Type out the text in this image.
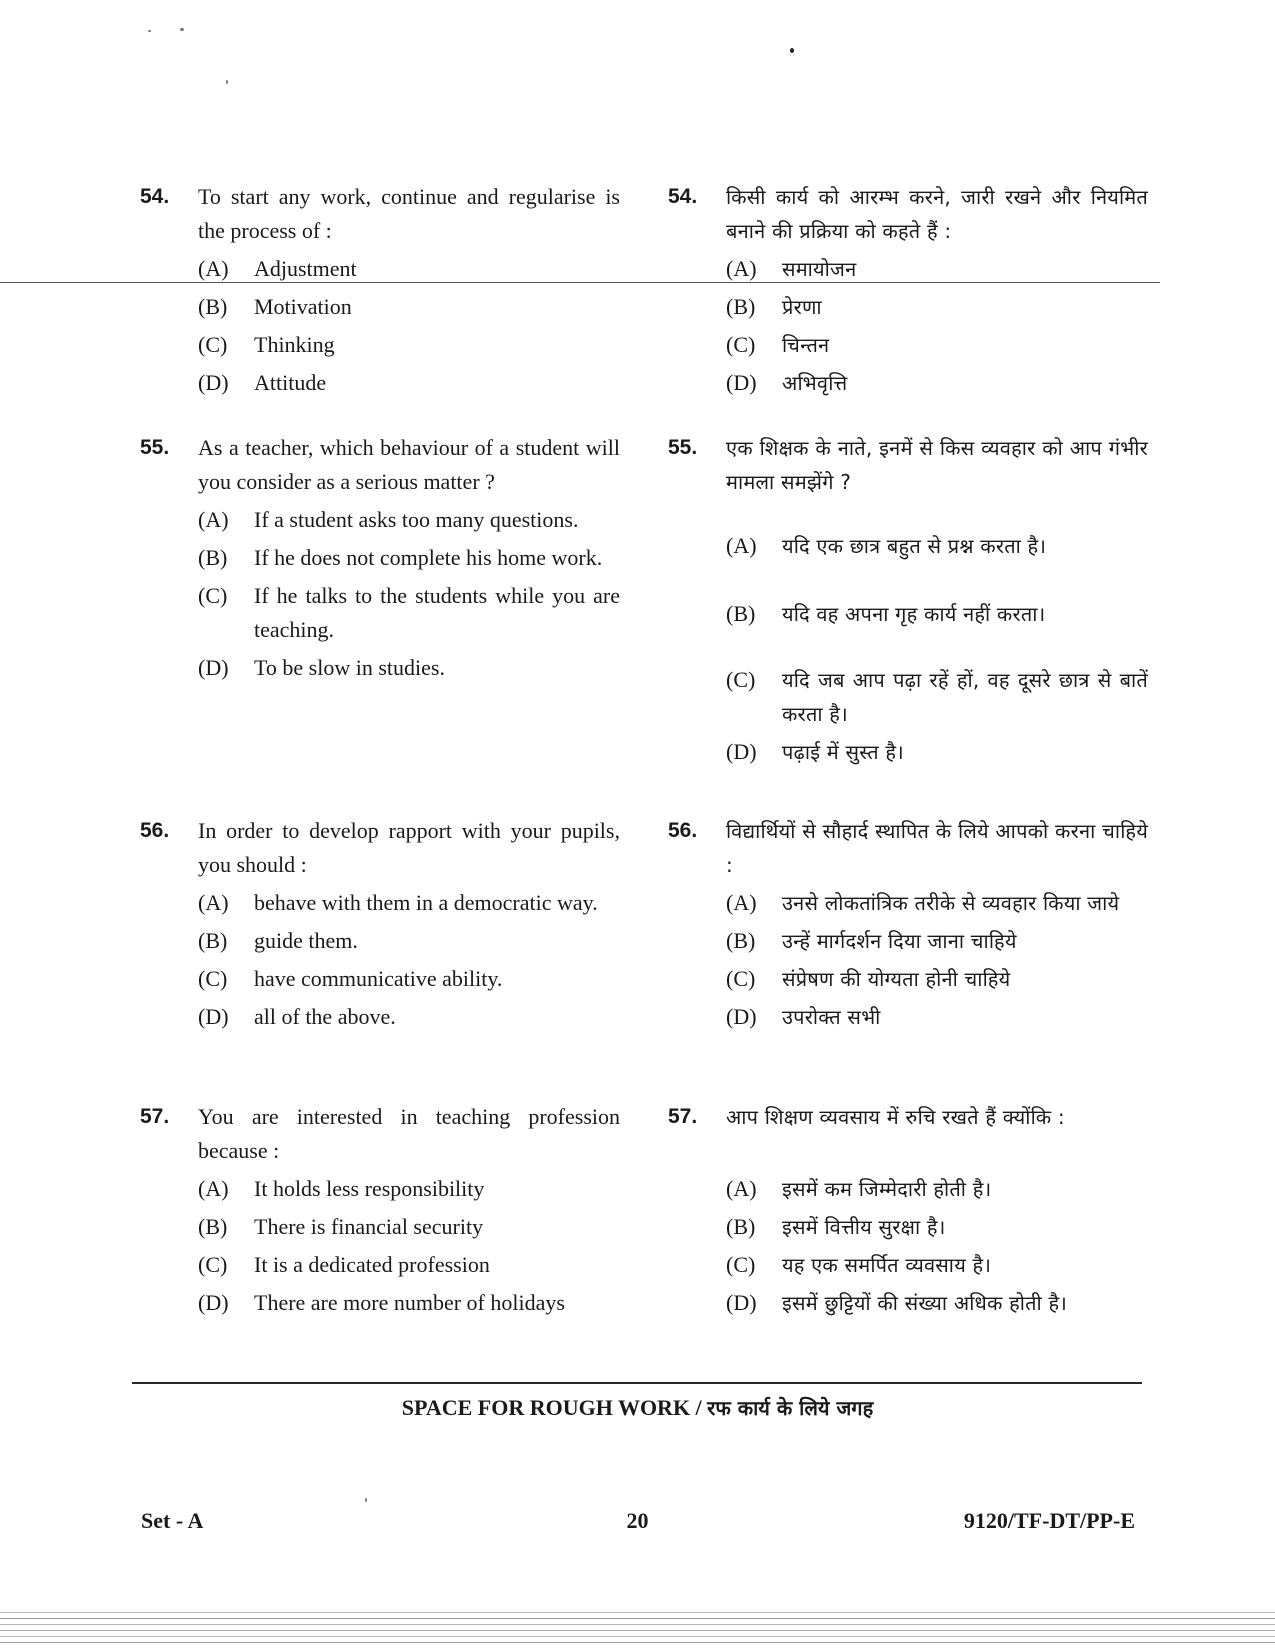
54.	To start any work, continue and regularise is the process of :
(A)	Adjustment
(B)	Motivation
(C)	Thinking
(D)	Attitude
55.	As a teacher, which behaviour of a student will you consider as a serious matter ?
(A)	If a student asks too many questions.
(B)	If he does not complete his home work.
(C)	If he talks to the students while you are teaching.
(D)	To be slow in studies.
56.	In order to develop rapport with your pupils, you should :
(A)	behave with them in a democratic way.
(B)	guide them.
(C)	have communicative ability.
(D)	all of the above.
57.	You are interested in teaching profession because :
(A)	It holds less responsibility
(B)	There is financial security
(C)	It is a dedicated profession
(D)	There are more number of holidays
54.	किसी कार्य को आरम्भ करने, जारी रखने और नियमित बनाने की प्रक्रिया को कहते हैं :
(A)	समायोजन
(B)	प्रेरणा
(C)	चिन्तन
(D)	अभिवृत्ति
55.	एक शिक्षक के नाते, इनमें से किस व्यवहार को आप गंभीर मामला समझेंगे ?
(A)	यदि एक छात्र बहुत से प्रश्न करता है।
(B)	यदि वह अपना गृह कार्य नहीं करता।
(C)	यदि जब आप पढ़ा रहें हों, वह दूसरे छात्र से बातें करता है।
(D)	पढ़ाई में सुस्त है।
56.	विद्यार्थियों से सौहार्द स्थापित के लिये आपको करना चाहिये :
(A)	उनसे लोकतांत्रिक तरीके से व्यवहार किया जाये
(B)	उन्हें मार्गदर्शन दिया जाना चाहिये
(C)	संप्रेषण की योग्यता होनी चाहिये
(D)	उपरोक्त सभी
57.	आप शिक्षण व्यवसाय में रुचि रखते हैं क्योंकि :
(A)	इसमें कम जिम्मेदारी होती है।
(B)	इसमें वित्तीय सुरक्षा है।
(C)	यह एक समर्पित व्यवसाय है।
(D)	इसमें छुट्टियों की संख्या अधिक होती है।
SPACE FOR ROUGH WORK / रफ कार्य के लिये जगह
Set - A	20	9120/TF-DT/PP-E
